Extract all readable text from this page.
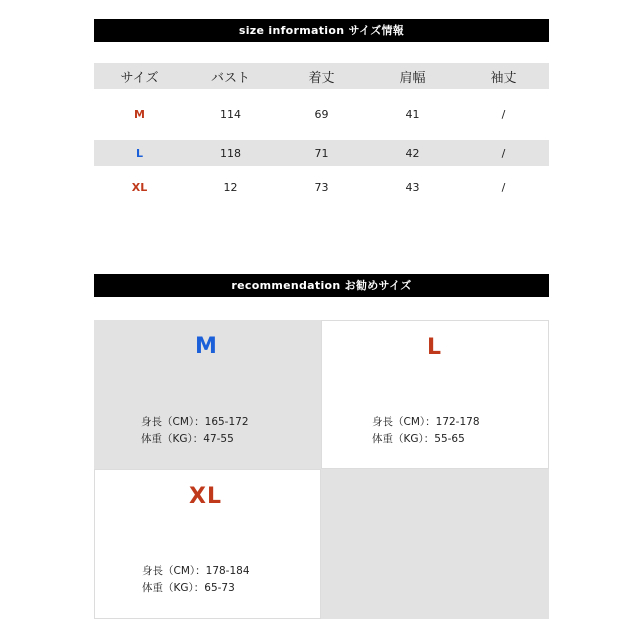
size information サイズ情報
サイズ	バスト	着丈	肩幅	袖丈
M	114	69	41	/
L	118	71	42	/
XL	12	73	43	/
recommendation お勧めサイズ
M
身長（CM）：165-172
体重（KG）：47-55
L
身長（CM）：172-178
体重（KG）：55-65
XL
身長（CM）：178-184
体重（KG）：65-73
